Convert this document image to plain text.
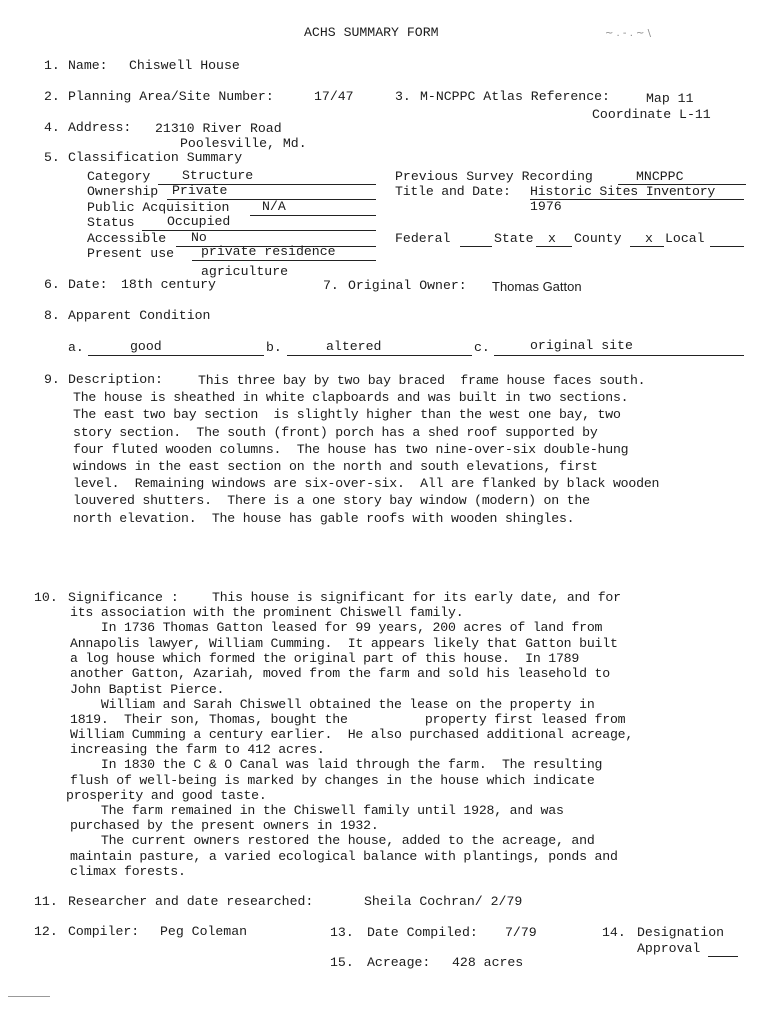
ACHS SUMMARY FORM	~ . - . ~ \
1. Name: Chiswell House
2. Planning Area/Site Number:	17/47	3. M-NCPPC Atlas Reference:	Map 11
Coordinate L-11
4. Address: 21310 River Road
Poolesville, Md.
5. Classification Summary
Category Structure
Ownership Private
Public Acquisition N/A
Status Occupied
Accessible No
Present use private residence
agriculture
Previous Survey Recording	MNCPPC
Title and Date: Historic Sites Inventory
1976
Federal	State x County x Local
6. Date: 18th century	7. Original Owner: Thomas Gatton
8. Apparent Condition
a.	good	b.	altered	c.	original site
9. Description:	This three bay by two bay braced  frame house faces south.
The house is sheathed in white clapboards and was built in two sections.
The east two bay section  is slightly higher than the west one bay, two
story section.  The south (front) porch has a shed roof supported by
four fluted wooden columns.  The house has two nine-over-six double-hung
windows in the east section on the north and south elevations, first
level.  Remaining windows are six-over-six.  All are flanked by black wooden
louvered shutters.  There is a one story bay window (modern) on the
north elevation.  The house has gable roofs with wooden shingles.
10. Significance :	This house is significant for its early date, and for
its association with the prominent Chiswell family.
In 1736 Thomas Gatton leased for 99 years, 200 acres of land from
Annapolis lawyer, William Cumming.  It appears likely that Gatton built
a log house which formed the original part of this house.  In 1789
another Gatton, Azariah, moved from the farm and sold his leasehold to
John Baptist Pierce.
William and Sarah Chiswell obtained the lease on the property in
1819.  Their son, Thomas, bought the          property first leased from
William Cumming a century earlier.  He also purchased additional acreage,
increasing the farm to 412 acres.
In 1830 the C & O Canal was laid through the farm.  The resulting
flush of well-being is marked by changes in the house which indicate
prosperity and good taste.
The farm remained in the Chiswell family until 1928, and was
purchased by the present owners in 1932.
The current owners restored the house, added to the acreage, and
maintain pasture, a varied ecological balance with plantings, ponds and
climax forests.
11. Researcher and date researched:	Sheila Cochran/ 2/79
12. Compiler: Peg Coleman	13. Date Compiled: 7/79	14. Designation
Approval
15. Acreage: 428 acres
